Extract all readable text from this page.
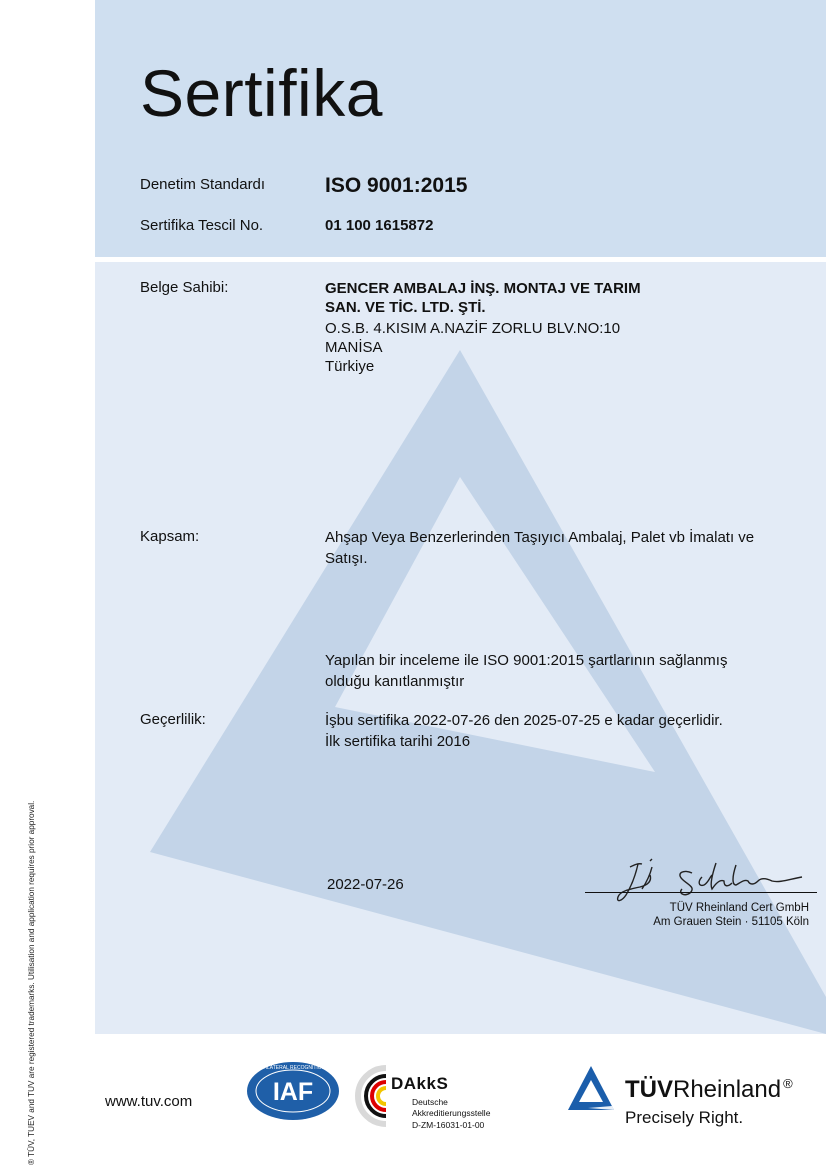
® TÜV, TUEV and TUV are registered trademarks. Utilisation and application requires prior approval.
Sertifika
Denetim Standardı	ISO 9001:2015
Sertifika Tescil No.	01 100 1615872
Belge Sahibi:	GENCER AMBALAJ İNŞ. MONTAJ VE TARIM
SAN. VE TİC. LTD. ŞTİ.
O.S.B. 4.KISIM A.NAZİF ZORLU BLV.NO:10
MANİSA
Türkiye
Kapsam:	Ahşap Veya Benzerlerinden Taşıyıcı Ambalaj, Palet vb İmalatı ve
Satışı.
Yapılan bir inceleme ile ISO 9001:2015 şartlarının sağlanmış
olduğu kanıtlanmıştır
Geçerlilik:	İşbu sertifika 2022-07-26 den 2025-07-25 e kadar geçerlidir.
İlk sertifika tarihi 2016
2022-07-26
TÜV Rheinland Cert GmbH
Am Grauen Stein · 51105 Köln
www.tuv.com	IAF
MEMBER OF MULTILATERAL RECOGNITION ARRANGEMENT
DAkkS
Deutsche
Akkreditierungsstelle
D-ZM-16031-01-00
TÜVRheinland ®
Precisely Right.
